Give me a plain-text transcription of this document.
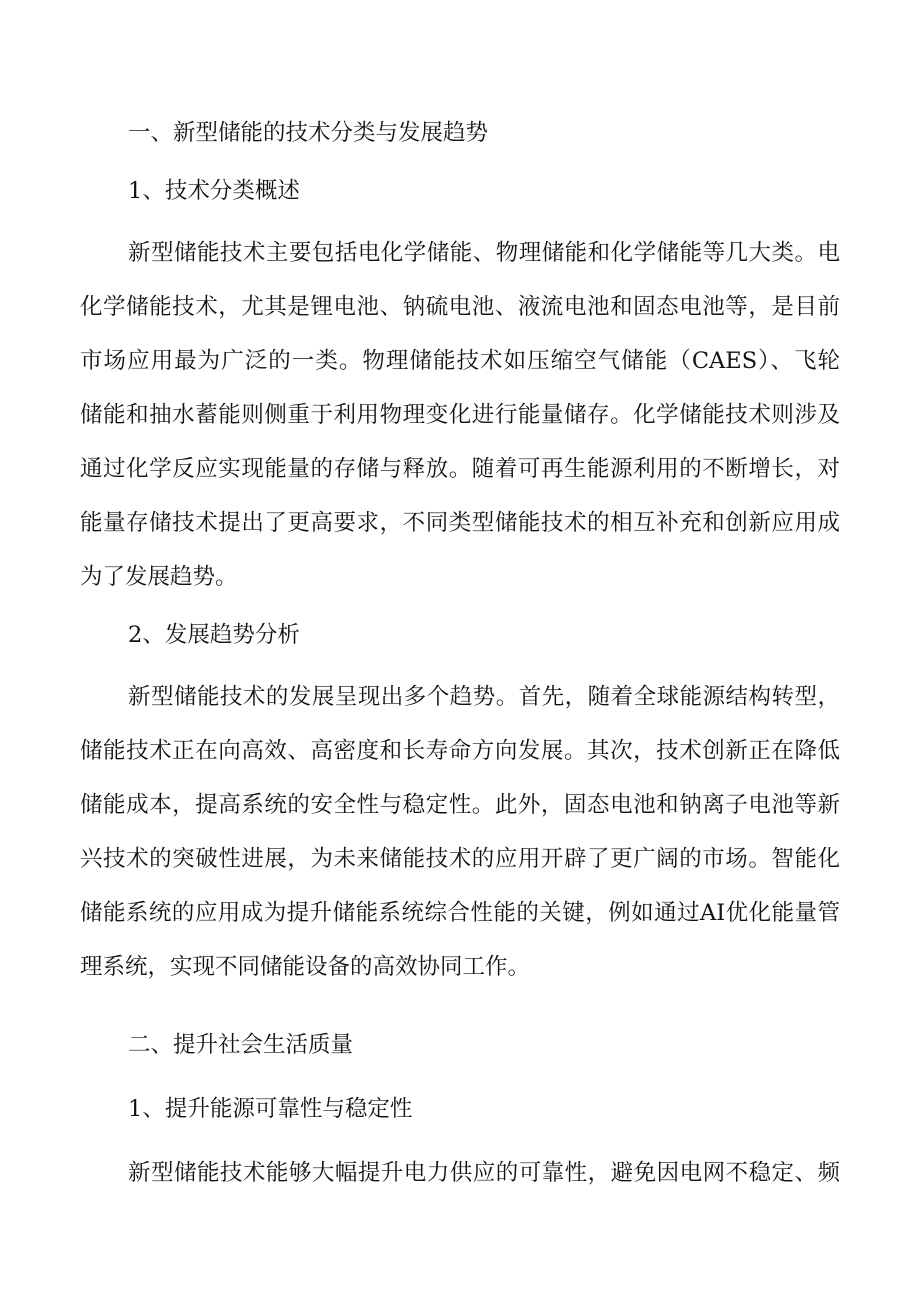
一、新型储能的技术分类与发展趋势
1、技术分类概述
新型储能技术主要包括电化学储能、物理储能和化学储能等几大类。电
化学储能技术，尤其是锂电池、钠硫电池、液流电池和固态电池等，是目前
市场应用最为广泛的一类。物理储能技术如压缩空气储能（CAES）、飞轮
储能和抽水蓄能则侧重于利用物理变化进行能量储存。化学储能技术则涉及
通过化学反应实现能量的存储与释放。随着可再生能源利用的不断增长，对
能量存储技术提出了更高要求，不同类型储能技术的相互补充和创新应用成
为了发展趋势。
2、发展趋势分析
新型储能技术的发展呈现出多个趋势。首先，随着全球能源结构转型，
储能技术正在向高效、高密度和长寿命方向发展。其次，技术创新正在降低
储能成本，提高系统的安全性与稳定性。此外，固态电池和钠离子电池等新
兴技术的突破性进展，为未来储能技术的应用开辟了更广阔的市场。智能化
储能系统的应用成为提升储能系统综合性能的关键，例如通过AI优化能量管
理系统，实现不同储能设备的高效协同工作。
二、提升社会生活质量
1、提升能源可靠性与稳定性
新型储能技术能够大幅提升电力供应的可靠性，避免因电网不稳定、频
